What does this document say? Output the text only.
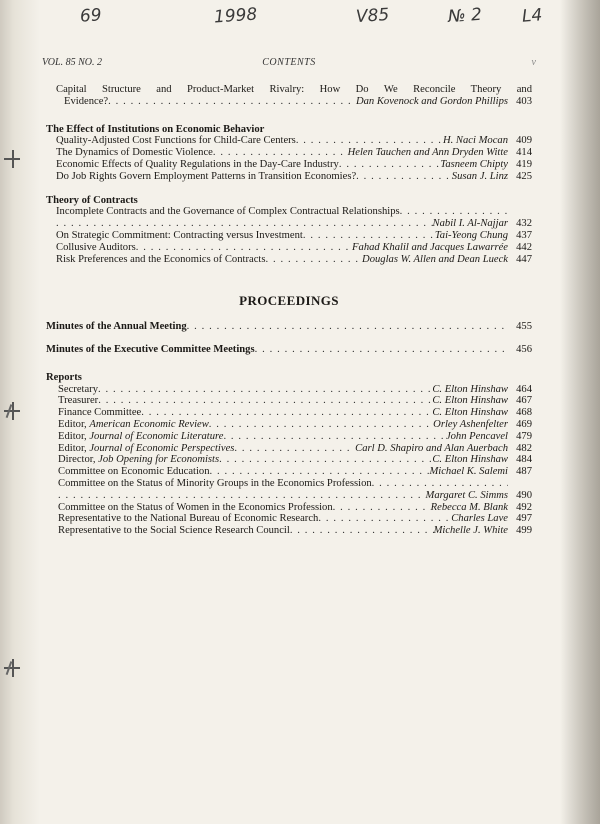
69	1998	V85	№ 2 L4
VOL. 85 NO. 2	CONTENTS	v
Capital Structure and Product-Market Rivalry: How Do We Reconcile Theory and
Evidence? . . .	Dan Kovenock and Gordon Phillips 403
The Effect of Institutions on Economic Behavior
Quality-Adjusted Cost Functions for Child-Care Centers . . .	H. Naci Mocan 409
The Dynamics of Domestic Violence . . .	Helen Tauchen and Ann Dryden Witte 414
Economic Effects of Quality Regulations in the Day-Care Industry . . .	Tasneem Chipty 419
Do Job Rights Govern Employment Patterns in Transition Economies? . . .	Susan J. Linz 425
Theory of Contracts
Incomplete Contracts and the Governance of Complex Contractual Relationships
. . .
. . .
Nabil I. Al-Najjar 432
On Strategic Commitment: Contracting versus Investment . . .	Tai-Yeong Chung 437
Collusive Auditors . . .	Fahad Khalil and Jacques Lawarrée 442
Risk Preferences and the Economics of Contracts . . .	Douglas W. Allen and Dean Lueck 447
PROCEEDINGS
Minutes of the Annual Meeting . . .	455
Minutes of the Executive Committee Meetings . . .	456
Reports
Secretary . . .	C. Elton Hinshaw 464
Treasurer . . .	C. Elton Hinshaw 467
Finance Committee . . .	C. Elton Hinshaw 468
Editor, American Economic Review . . .	Orley Ashenfelter 469
Editor, Journal of Economic Literature . . .	John Pencavel 479
Editor, Journal of Economic Perspectives . . .	Carl D. Shapiro and Alan Auerbach 482
Director, Job Opening for Economists . . .	C. Elton Hinshaw 484
Committee on Economic Education . . .	Michael K. Salemi 487
Committee on the Status of Minority Groups in the Economics Profession
. . .
. . .
Margaret C. Simms 490
Committee on the Status of Women in the Economics Profession . . .	Rebecca M. Blank 492
Representative to the National Bureau of Economic Research . . .	Charles Lave 497
Representative to the Social Science Research Council . . .	Michelle J. White 499
